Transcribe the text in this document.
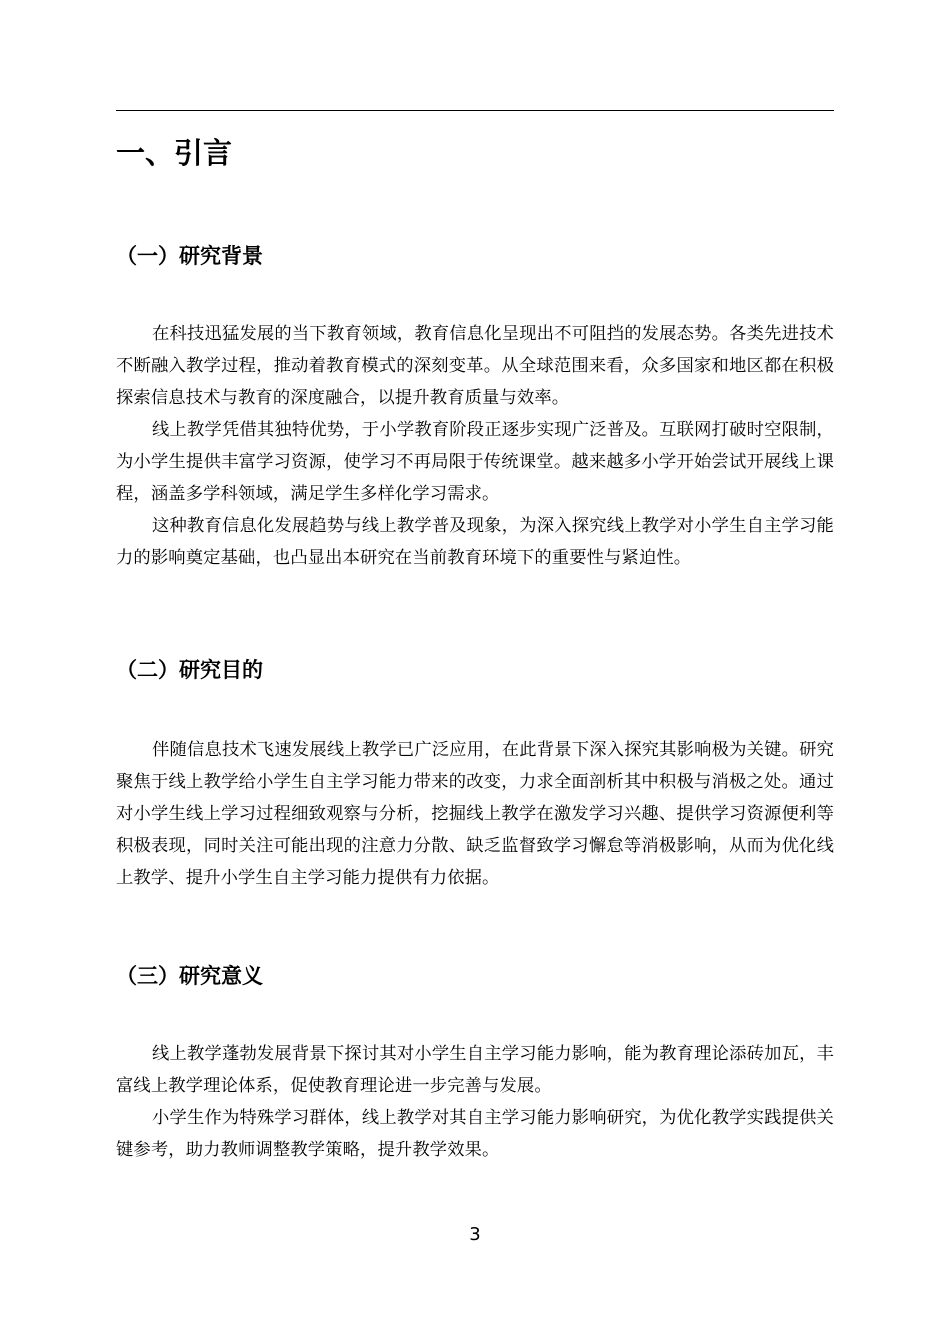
一、引言
（一）研究背景

在科技迅猛发展的当下教育领域，教育信息化呈现出不可阻挡的发展态势。各类先进技术不断融入教学过程，推动着教育模式的深刻变革。从全球范围来看，众多国家和地区都在积极探索信息技术与教育的深度融合，以提升教育质量与效率。

线上教学凭借其独特优势，于小学教育阶段正逐步实现广泛普及。互联网打破时空限制，为小学生提供丰富学习资源，使学习不再局限于传统课堂。越来越多小学开始尝试开展线上课程，涵盖多学科领域，满足学生多样化学习需求。

这种教育信息化发展趋势与线上教学普及现象，为深入探究线上教学对小学生自主学习能力的影响奠定基础，也凸显出本研究在当前教育环境下的重要性与紧迫性。

（二）研究目的

伴随信息技术飞速发展线上教学已广泛应用，在此背景下深入探究其影响极为关键。研究聚焦于线上教学给小学生自主学习能力带来的改变，力求全面剖析其中积极与消极之处。通过对小学生线上学习过程细致观察与分析，挖掘线上教学在激发学习兴趣、提供学习资源便利等积极表现，同时关注可能出现的注意力分散、缺乏监督致学习懈怠等消极影响，从而为优化线上教学、提升小学生自主学习能力提供有力依据。

（三）研究意义

线上教学蓬勃发展背景下探讨其对小学生自主学习能力影响，能为教育理论添砖加瓦，丰富线上教学理论体系，促使教育理论进一步完善与发展。

小学生作为特殊学习群体，线上教学对其自主学习能力影响研究，为优化教学实践提供关键参考，助力教师调整教学策略，提升教学效果。

3
